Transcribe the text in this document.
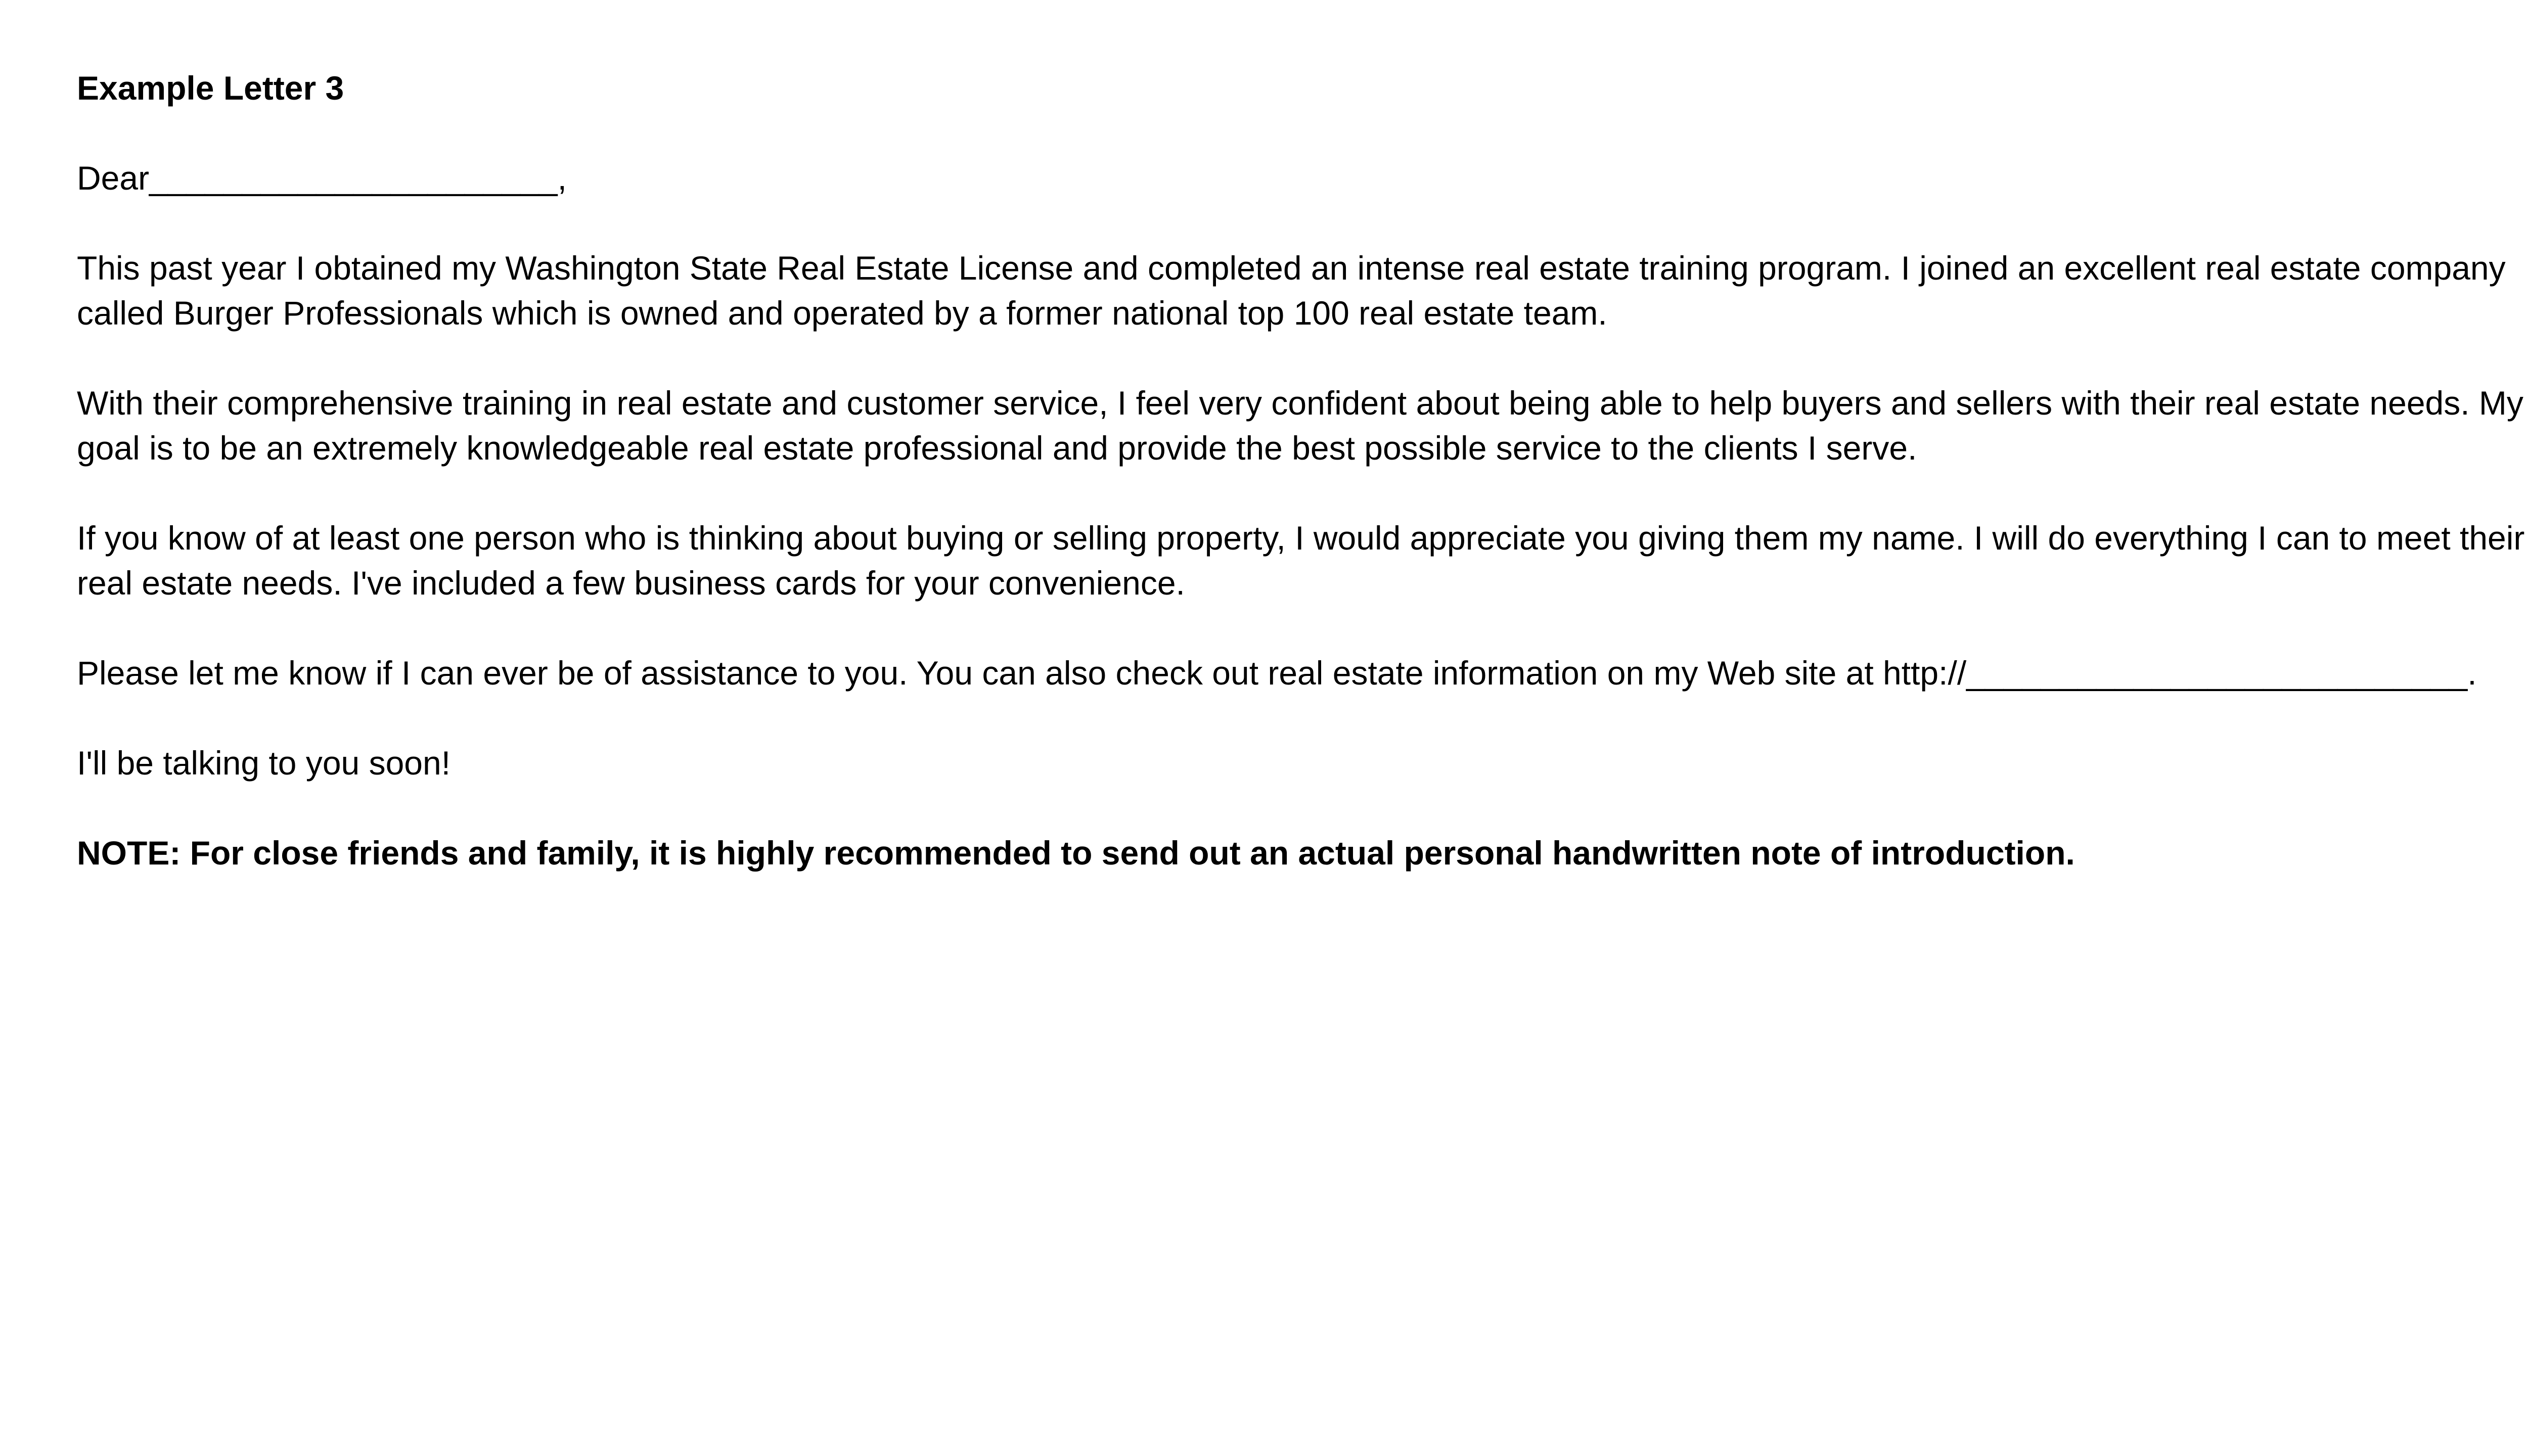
Example Letter 3
Dear______________________,
This past year I obtained my Washington State Real Estate License and completed an intense real estate training program. I joined an excellent real estate company called Burger Professionals which is owned and operated by a former national top 100 real estate team.
With their comprehensive training in real estate and customer service, I feel very confident about being able to help buyers and sellers with their real estate needs. My goal is to be an extremely knowledgeable real estate professional and provide the best possible service to the clients I serve.
If you know of at least one person who is thinking about buying or selling property, I would appreciate you giving them my name. I will do everything I can to meet their real estate needs. I've included a few business cards for your convenience.
Please let me know if I can ever be of assistance to you. You can also check out real estate information on my Web site at http://___________________________.
I'll be talking to you soon!
NOTE: For close friends and family, it is highly recommended to send out an actual personal handwritten note of introduction.
